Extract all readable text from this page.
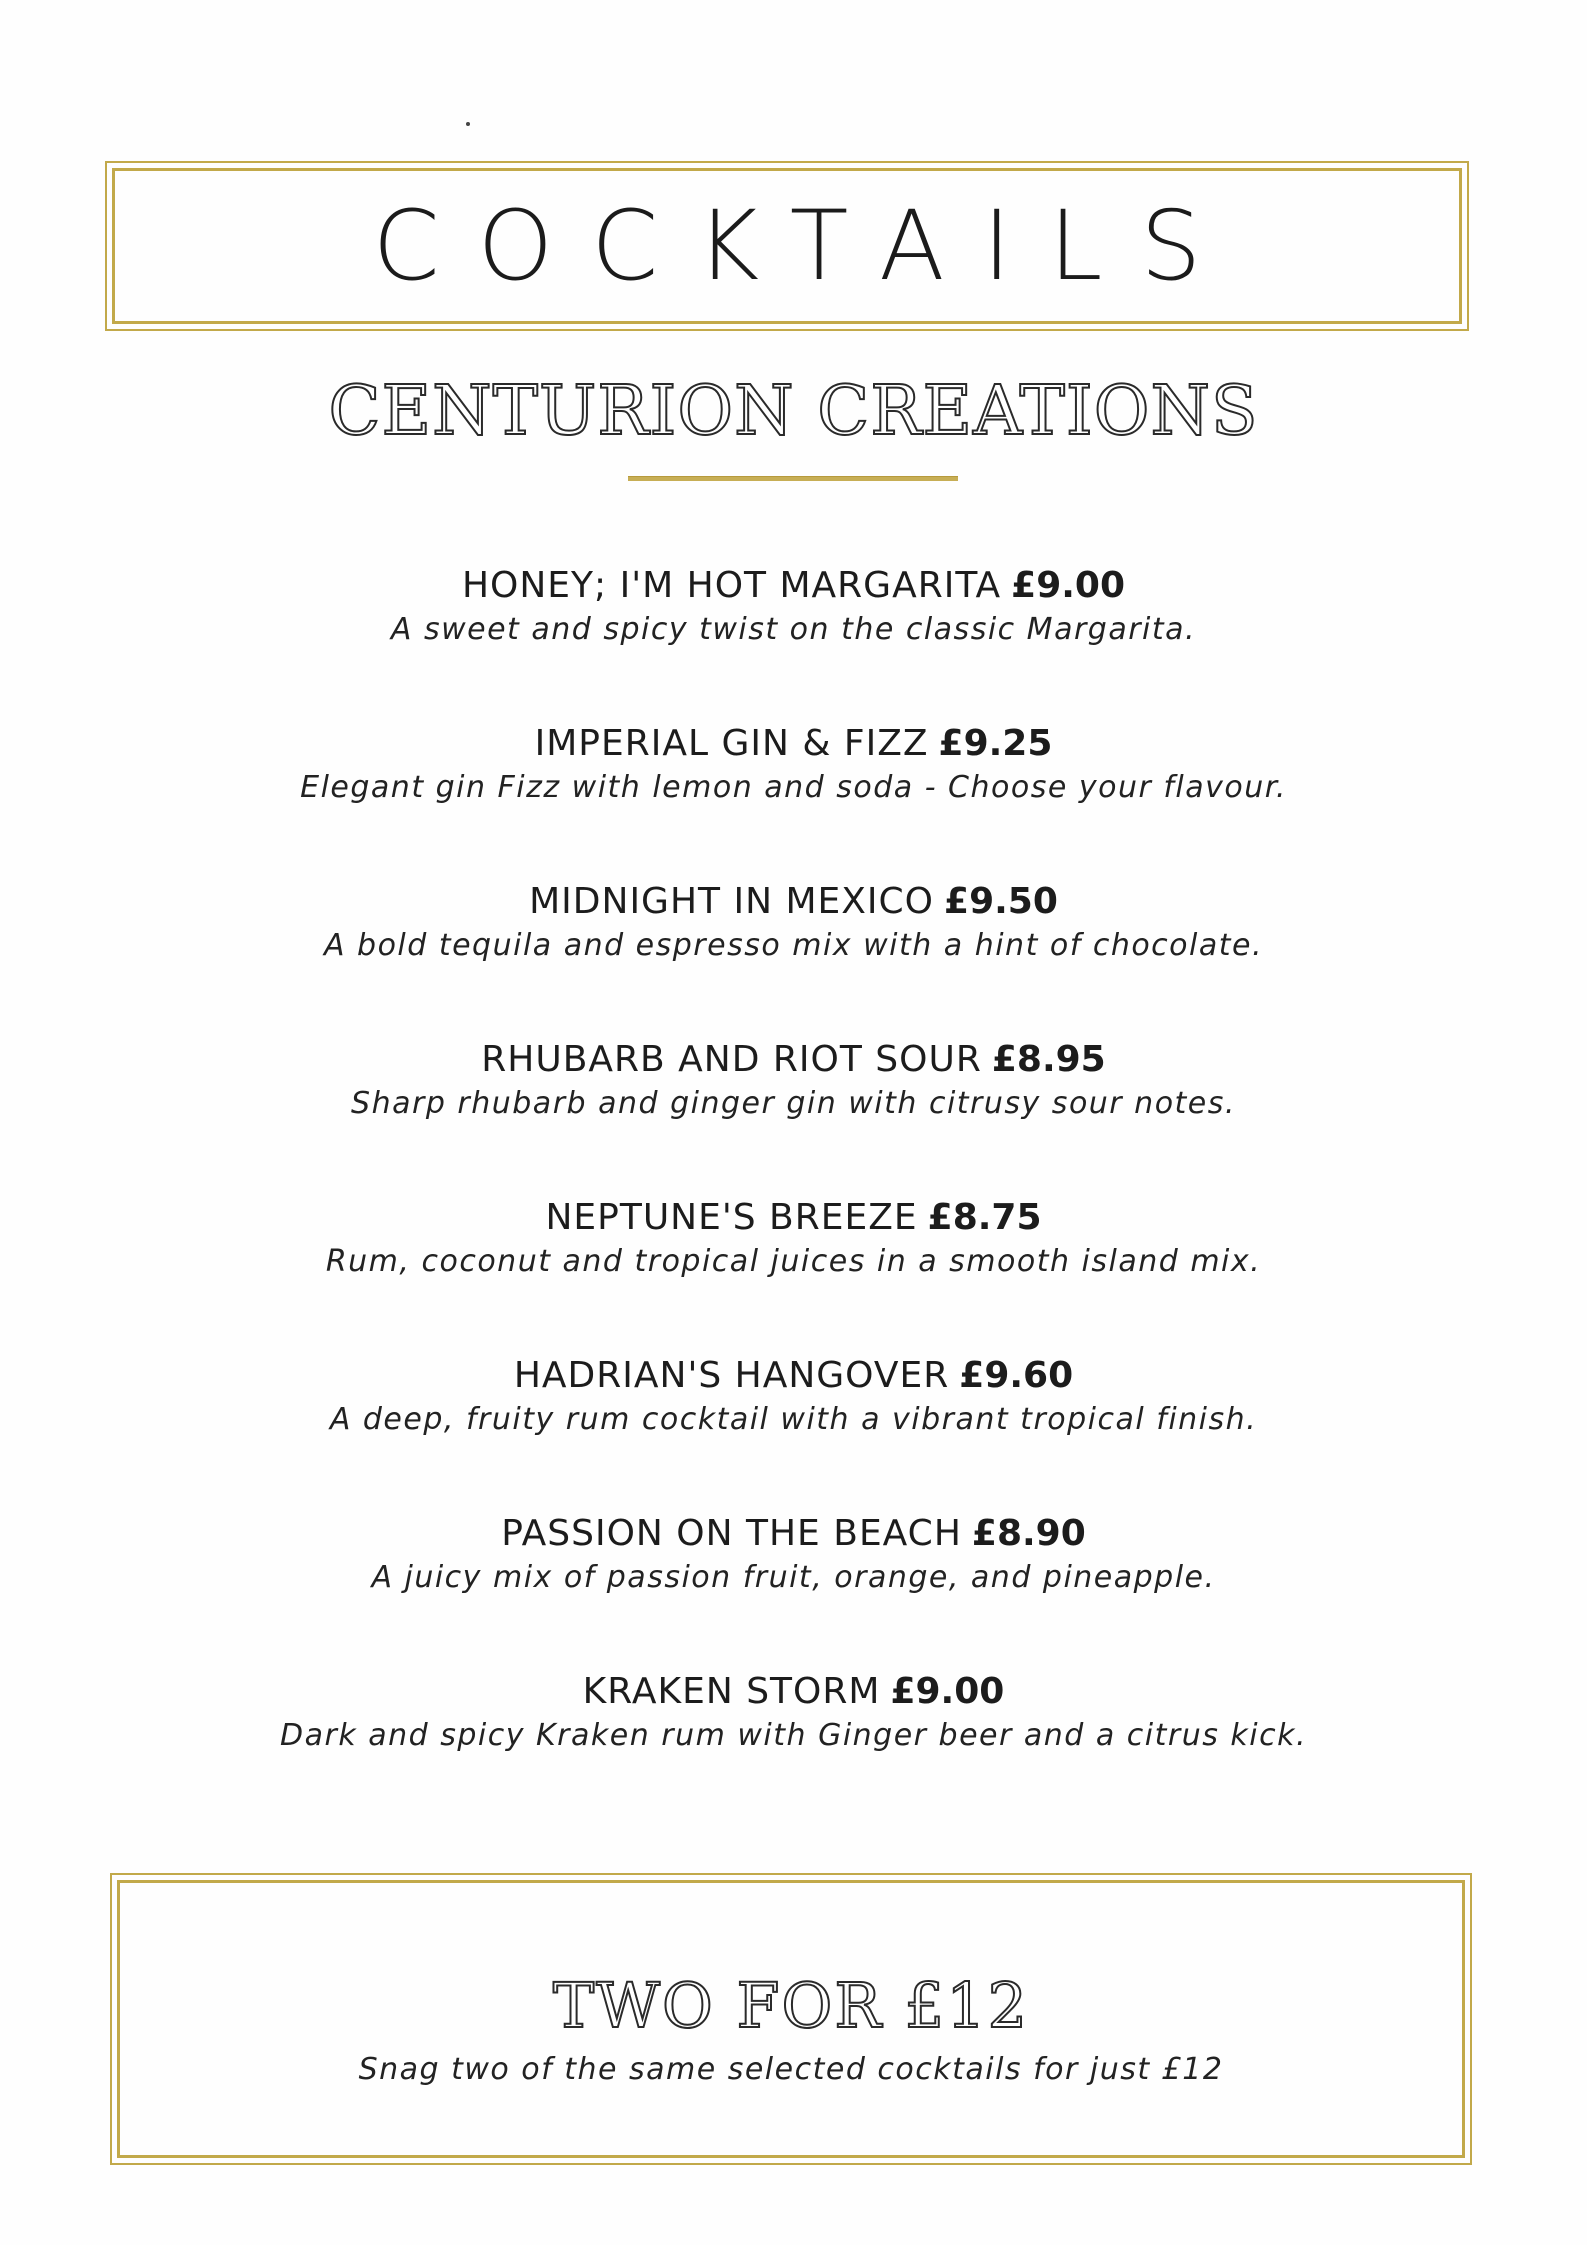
COCKTAILS
CENTURION CREATIONS
HONEY; I'M HOT MARGARITA £9.00
A sweet and spicy twist on the classic Margarita.
IMPERIAL GIN & FIZZ £9.25
Elegant gin Fizz with lemon and soda - Choose your flavour.
MIDNIGHT IN MEXICO £9.50
A bold tequila and espresso mix with a hint of chocolate.
RHUBARB AND RIOT SOUR £8.95
Sharp rhubarb and ginger gin with citrusy sour notes.
NEPTUNE'S BREEZE £8.75
Rum, coconut and tropical juices in a smooth island mix.
HADRIAN'S HANGOVER £9.60
A deep, fruity rum cocktail with a vibrant tropical finish.
PASSION ON THE BEACH £8.90
A juicy mix of passion fruit, orange, and pineapple.
KRAKEN STORM £9.00
Dark and spicy Kraken rum with Ginger beer and a citrus kick.
TWO FOR £12
Snag two of the same selected cocktails for just £12
